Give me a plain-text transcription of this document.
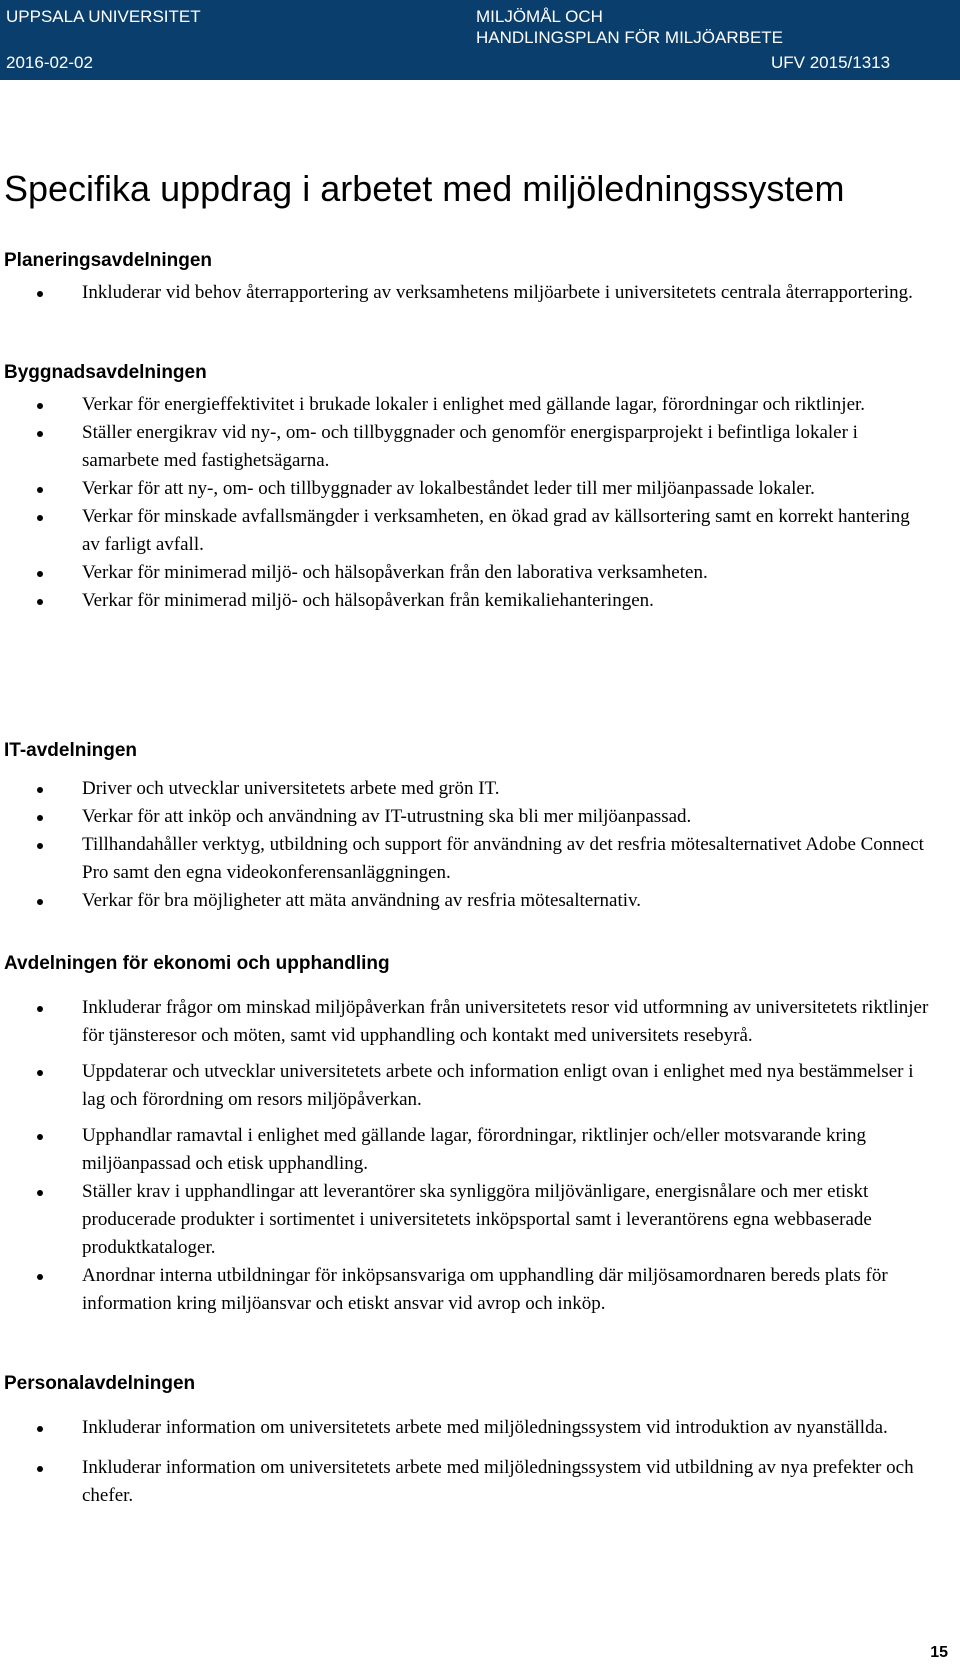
UPPSALA UNIVERSITET	MILJÖMÅL OCH
HANDLINGSPLAN FÖR MILJÖARBETE
2016-02-02	UFV 2015/1313
Specifika uppdrag i arbetet med miljöledningssystem
Planeringsavdelningen
Inkluderar vid behov återrapportering av verksamhetens miljöarbete i universitetets centrala återrapportering.
Byggnadsavdelningen
Verkar för energieffektivitet i brukade lokaler i enlighet med gällande lagar, förordningar och riktlinjer.
Ställer energikrav vid ny-, om- och tillbyggnader och genomför energisparprojekt i befintliga lokaler i samarbete med fastighetsägarna.
Verkar för att ny-, om- och tillbyggnader av lokalbeståndet leder till mer miljöanpassade lokaler.
Verkar för minskade avfallsmängder i verksamheten, en ökad grad av källsortering samt en korrekt hantering av farligt avfall.
Verkar för minimerad miljö- och hälsopåverkan från den laborativa verksamheten.
Verkar för minimerad miljö- och hälsopåverkan från kemikaliehanteringen.
IT-avdelningen
Driver och utvecklar universitetets arbete med grön IT.
Verkar för att inköp och användning av IT-utrustning ska bli mer miljöanpassad.
Tillhandahåller verktyg, utbildning och support för användning av det resfria mötesalternativet Adobe Connect Pro samt den egna videokonferensanläggningen.
Verkar för bra möjligheter att mäta användning av resfria mötesalternativ.
Avdelningen för ekonomi och upphandling
Inkluderar frågor om minskad miljöpåverkan från universitetets resor vid utformning av universitetets riktlinjer för tjänsteresor och möten, samt vid upphandling och kontakt med universitets resebyrå.
Uppdaterar och utvecklar universitetets arbete och information enligt ovan i enlighet med nya bestämmelser i lag och förordning om resors miljöpåverkan.
Upphandlar ramavtal i enlighet med gällande lagar, förordningar, riktlinjer och/eller motsvarande kring miljöanpassad och etisk upphandling.
Ställer krav i upphandlingar att leverantörer ska synliggöra miljövänligare, energisnålare och mer etiskt producerade produkter i sortimentet i universitetets inköpsportal samt i leverantörens egna webbaserade produktkataloger.
Anordnar interna utbildningar för inköpsansvariga om upphandling där miljösamordnaren bereds plats för information kring miljöansvar och etiskt ansvar vid avrop och inköp.
Personalavdelningen
Inkluderar information om universitetets arbete med miljöledningssystem vid introduktion av nyanställda.
Inkluderar information om universitetets arbete med miljöledningssystem vid utbildning av nya prefekter och chefer.
15
